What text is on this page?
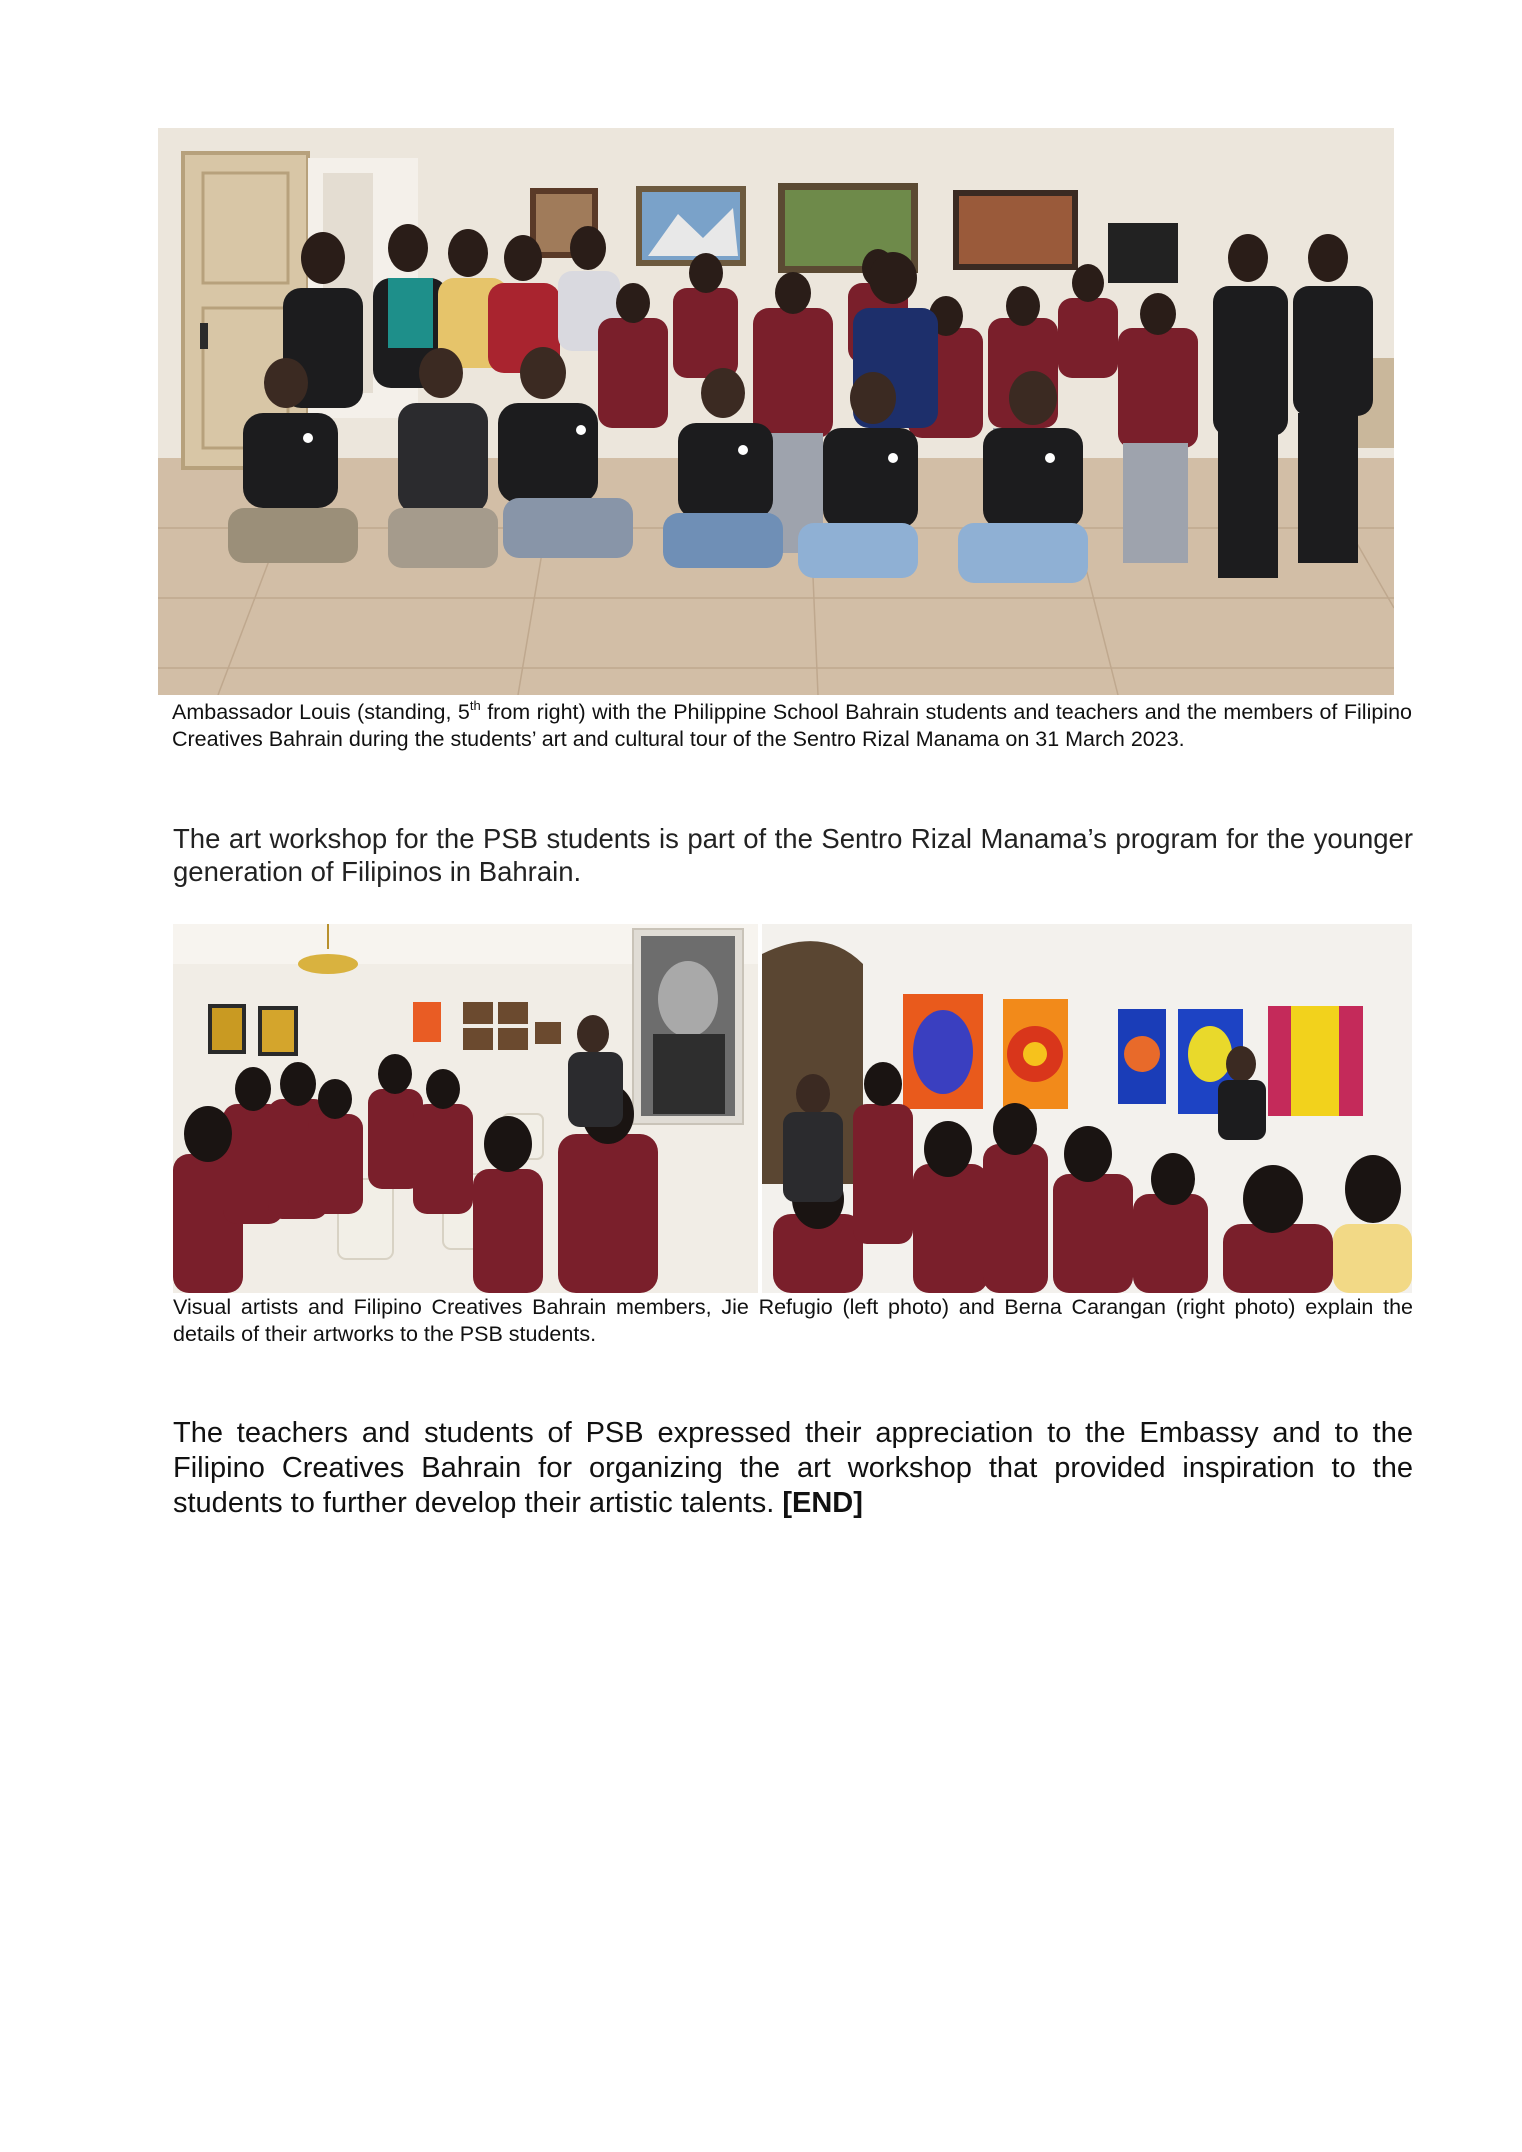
Ambassador Louis (standing, 5th from right) with the Philippine School Bahrain students and teachers and the members of Filipino Creatives Bahrain during the students’ art and cultural tour of the Sentro Rizal Manama on 31 March 2023.

The art workshop for the PSB students is part of the Sentro Rizal Manama’s program for the younger generation of Filipinos in Bahrain.

Visual artists and Filipino Creatives Bahrain members, Jie Refugio (left photo) and Berna Carangan (right photo) explain the details of their artworks to the PSB students.

The teachers and students of PSB expressed their appreciation to the Embassy and to the Filipino Creatives Bahrain for organizing the art workshop that provided inspiration to the students to further develop their artistic talents. [END]
